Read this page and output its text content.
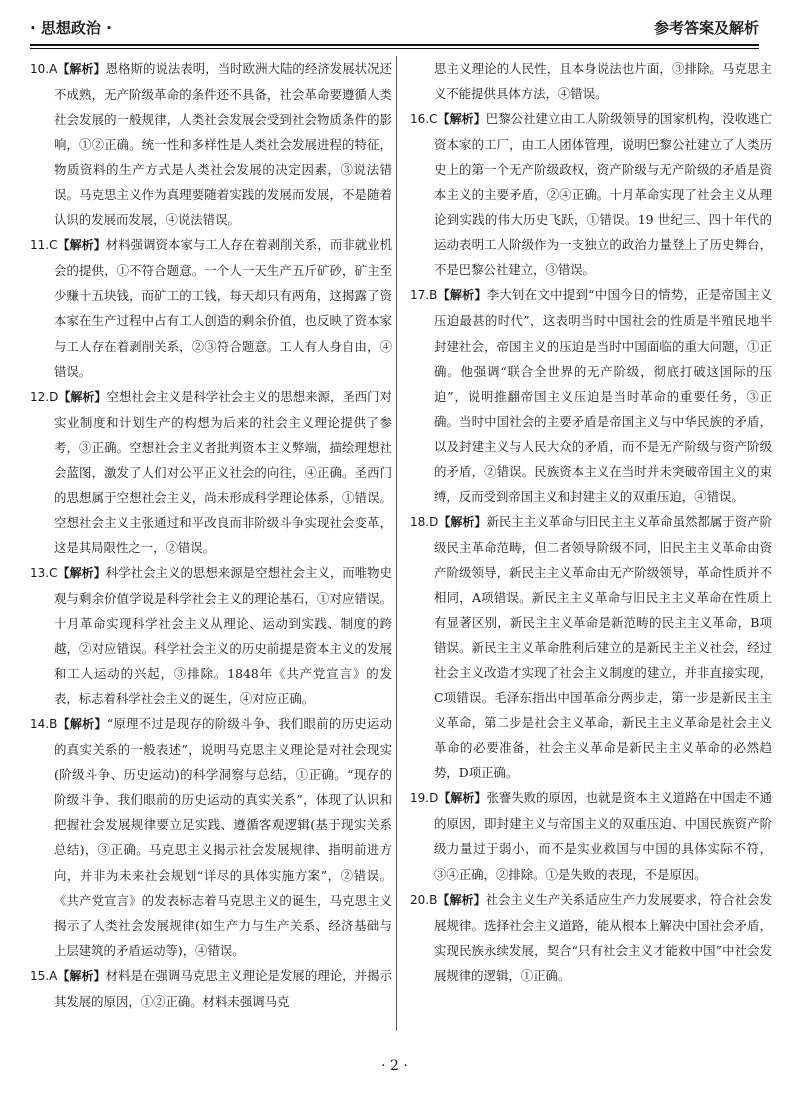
· 思想政治 ·	参考答案及解析

10.A【解析】恩格斯的说法表明，当时欧洲大陆的经济发展状况还不成熟，无产阶级革命的条件还不具备，社会革命要遵循人类社会发展的一般规律，人类社会发展会受到社会物质条件的影响，①②正确。统一性和多样性是人类社会发展进程的特征，物质资料的生产方式是人类社会发展的决定因素，③说法错误。马克思主义作为真理要随着实践的发展而发展，不是随着认识的发展而发展，④说法错误。

11.C【解析】材料强调资本家与工人存在着剥削关系，而非就业机会的提供，①不符合题意。一个人一天生产五斤矿砂，矿主至少赚十五块钱，而矿工的工钱，每天却只有两角，这揭露了资本家在生产过程中占有工人创造的剩余价值，也反映了资本家与工人存在着剥削关系，②③符合题意。工人有人身自由，④错误。

12.D【解析】空想社会主义是科学社会主义的思想来源，圣西门对实业制度和计划生产的构想为后来的社会主义理论提供了参考，③正确。空想社会主义者批判资本主义弊端，描绘理想社会蓝图，激发了人们对公平正义社会的向往，④正确。圣西门的思想属于空想社会主义，尚未形成科学理论体系，①错误。空想社会主义主张通过和平改良而非阶级斗争实现社会变革，这是其局限性之一，②错误。

13.C【解析】科学社会主义的思想来源是空想社会主义，而唯物史观与剩余价值学说是科学社会主义的理论基石，①对应错误。十月革命实现科学社会主义从理论、运动到实践、制度的跨越，②对应错误。科学社会主义的历史前提是资本主义的发展和工人运动的兴起，③排除。1848年《共产党宣言》的发表，标志着科学社会主义的诞生，④对应正确。

14.B【解析】“原理不过是现存的阶级斗争、我们眼前的历史运动的真实关系的一般表述”，说明马克思主义理论是对社会现实(阶级斗争、历史运动)的科学洞察与总结，①正确。“现存的阶级斗争、我们眼前的历史运动的真实关系”，体现了认识和把握社会发展规律要立足实践、遵循客观逻辑(基于现实关系总结)，③正确。马克思主义揭示社会发展规律、指明前进方向，并非为未来社会规划“详尽的具体实施方案”，②错误。《共产党宣言》的发表标志着马克思主义的诞生，马克思主义揭示了人类社会发展规律(如生产力与生产关系、经济基础与上层建筑的矛盾运动等)，④错误。

15.A【解析】材料是在强调马克思主义理论是发展的理论，并揭示其发展的原因，①②正确。材料未强调马克

思主义理论的人民性，且本身说法也片面，③排除。马克思主义不能提供具体方法，④错误。

16.C【解析】巴黎公社建立由工人阶级领导的国家机构，没收逃亡资本家的工厂，由工人团体管理，说明巴黎公社建立了人类历史上的第一个无产阶级政权，资产阶级与无产阶级的矛盾是资本主义的主要矛盾，②④正确。十月革命实现了社会主义从理论到实践的伟大历史飞跃，①错误。19 世纪三、四十年代的运动表明工人阶级作为一支独立的政治力量登上了历史舞台，不是巴黎公社建立，③错误。

17.B【解析】李大钊在文中提到“中国今日的情势，正是帝国主义压迫最甚的时代”，这表明当时中国社会的性质是半殖民地半封建社会，帝国主义的压迫是当时中国面临的重大问题，①正确。他强调“联合全世界的无产阶级，彻底打破这国际的压迫”，说明推翻帝国主义压迫是当时革命的重要任务，③正确。当时中国社会的主要矛盾是帝国主义与中华民族的矛盾，以及封建主义与人民大众的矛盾，而不是无产阶级与资产阶级的矛盾，②错误。民族资本主义在当时并未突破帝国主义的束缚，反而受到帝国主义和封建主义的双重压迫，④错误。

18.D【解析】新民主主义革命与旧民主主义革命虽然都属于资产阶级民主革命范畴，但二者领导阶级不同，旧民主主义革命由资产阶级领导，新民主主义革命由无产阶级领导，革命性质并不相同，A项错误。新民主主义革命与旧民主主义革命在性质上有显著区别，新民主主义革命是新范畴的民主主义革命，B项错误。新民主主义革命胜利后建立的是新民主主义社会，经过社会主义改造才实现了社会主义制度的建立，并非直接实现，C项错误。毛泽东指出中国革命分两步走，第一步是新民主主义革命，第二步是社会主义革命，新民主主义革命是社会主义革命的必要准备，社会主义革命是新民主主义革命的必然趋势，D项正确。

19.D【解析】张謇失败的原因，也就是资本主义道路在中国走不通的原因，即封建主义与帝国主义的双重压迫、中国民族资产阶级力量过于弱小，而不是实业救国与中国的具体实际不符，③④正确，②排除。①是失败的表现，不是原因。

20.B【解析】社会主义生产关系适应生产力发展要求，符合社会发展规律。选择社会主义道路，能从根本上解决中国社会矛盾，实现民族永续发展，契合“只有社会主义才能救中国”中社会发展规律的逻辑，①正确。

· 2 ·
